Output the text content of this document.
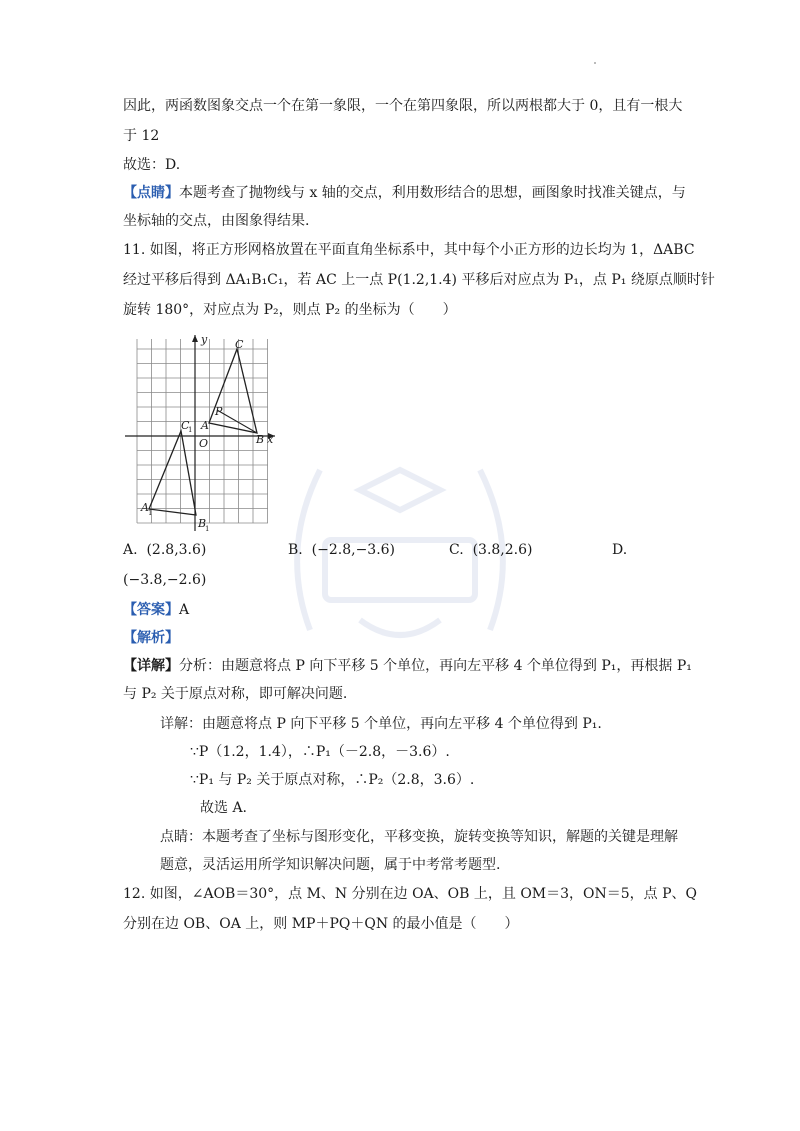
因此，两函数图象交点一个在第一象限，一个在第四象限，所以两根都大于 0，且有一根大
于 12
故选：D.
【点睛】本题考查了抛物线与 x 轴的交点，利用数形结合的思想，画图象时找准关键点，与
坐标轴的交点，由图象得结果.
11. 如图，将正方形网格放置在平面直角坐标系中，其中每个小正方形的边长均为 1，ΔABC
经过平移后得到 ΔA₁B₁C₁，若 AC 上一点 P(1.2,1.4) 平移后对应点为 P₁，点 P₁ 绕原点顺时针
旋转 180°，对应点为 P₂，则点 P₂ 的坐标为（　　）
y
x
O
A
B
C
P
C
1
A 1
B
1
A. (2.8,3.6)	B. (−2.8,−3.6)	C. (3.8,2.6)	D.
(−3.8,−2.6)
【答案】A
【解析】
【详解】分析：由题意将点 P 向下平移 5 个单位，再向左平移 4 个单位得到 P₁，再根据 P₁
与 P₂ 关于原点对称，即可解决问题.
详解：由题意将点 P 向下平移 5 个单位，再向左平移 4 个单位得到 P₁.
∵P（1.2，1.4），∴P₁（－2.8，－3.6）.
∵P₁ 与 P₂ 关于原点对称，∴P₂（2.8，3.6）.
故选 A.
点睛：本题考查了坐标与图形变化，平移变换，旋转变换等知识，解题的关键是理解
题意，灵活运用所学知识解决问题，属于中考常考题型.
12. 如图，∠AOB＝30°，点 M、N 分别在边 OA、OB 上，且 OM＝3，ON＝5，点 P、Q
分别在边 OB、OA 上，则 MP＋PQ＋QN 的最小值是（　　）
